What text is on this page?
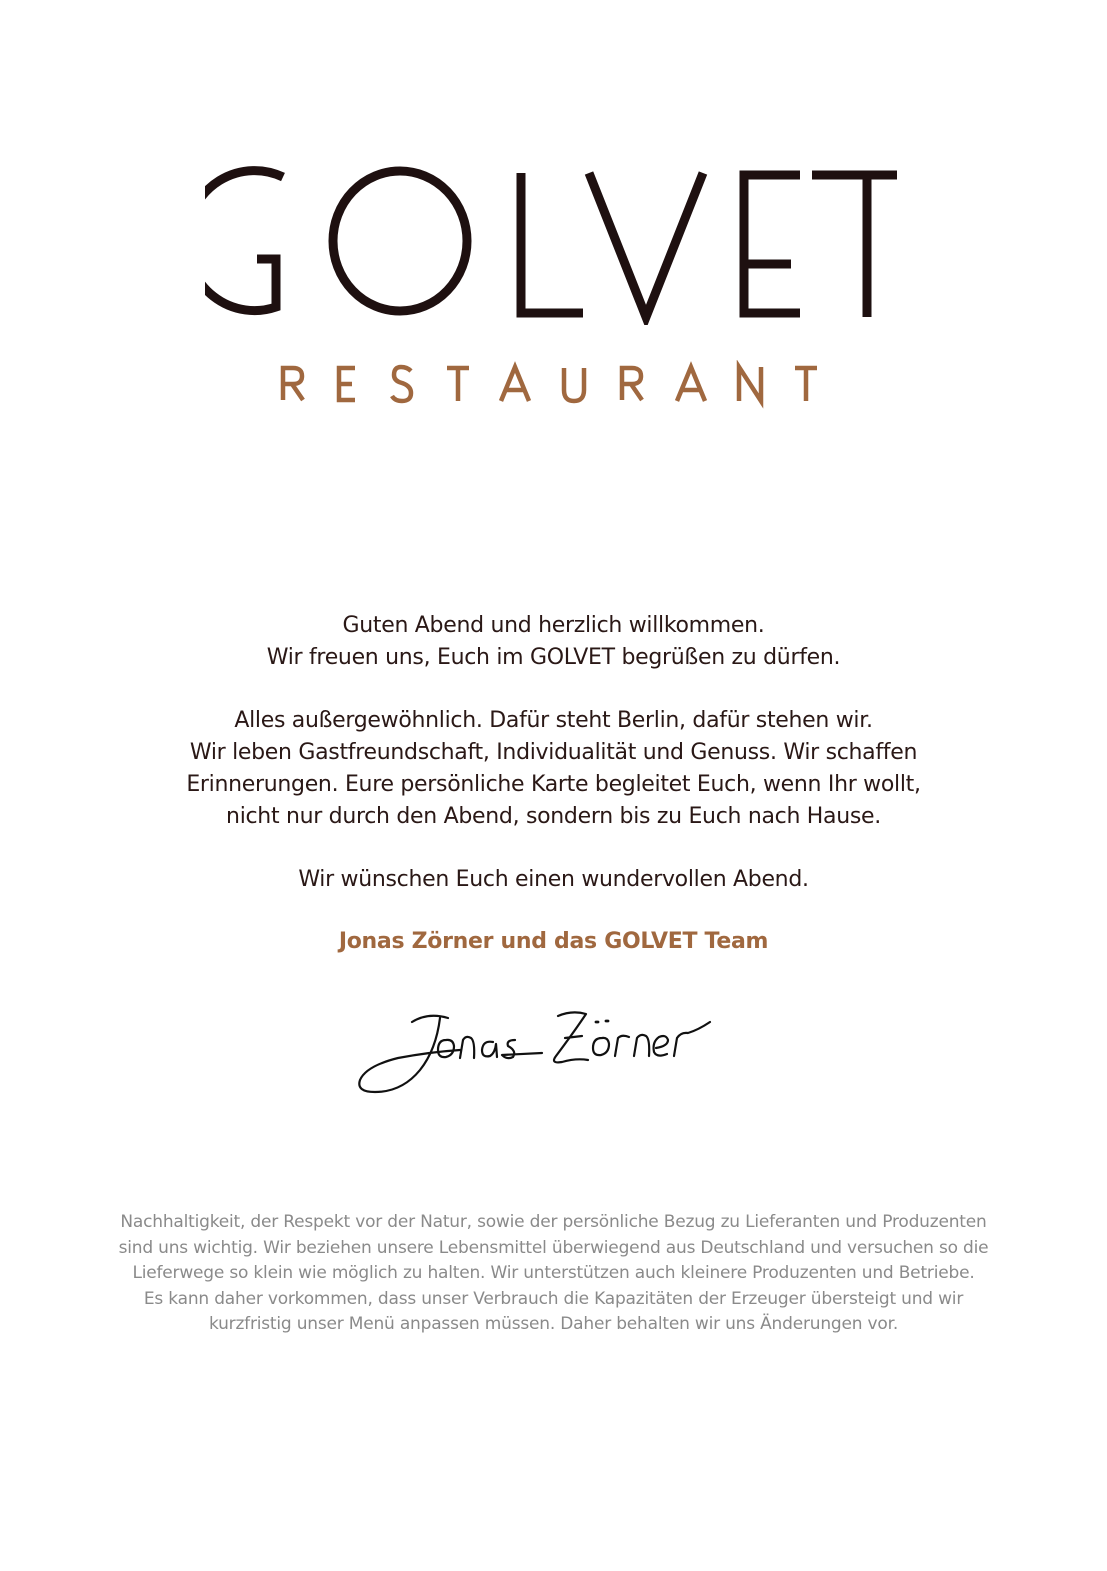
Guten Abend und herzlich willkommen.

Wir freuen uns, Euch im GOLVET begrüßen zu dürfen.

Alles außergewöhnlich. Dafür steht Berlin, dafür stehen wir.

Wir leben Gastfreundschaft, Individualität und Genuss. Wir schaffen

Erinnerungen. Eure persönliche Karte begleitet Euch, wenn Ihr wollt,

nicht nur durch den Abend, sondern bis zu Euch nach Hause.

Wir wünschen Euch einen wundervollen Abend.

Jonas Zörner und das GOLVET Team

Nachhaltigkeit, der Respekt vor der Natur, sowie der persönliche Bezug zu Lieferanten und Produzenten

sind uns wichtig. Wir beziehen unsere Lebensmittel überwiegend aus Deutschland und versuchen so die

Lieferwege so klein wie möglich zu halten. Wir unterstützen auch kleinere Produzenten und Betriebe.

Es kann daher vorkommen, dass unser Verbrauch die Kapazitäten der Erzeuger übersteigt und wir

kurzfristig unser Menü anpassen müssen. Daher behalten wir uns Änderungen vor.
